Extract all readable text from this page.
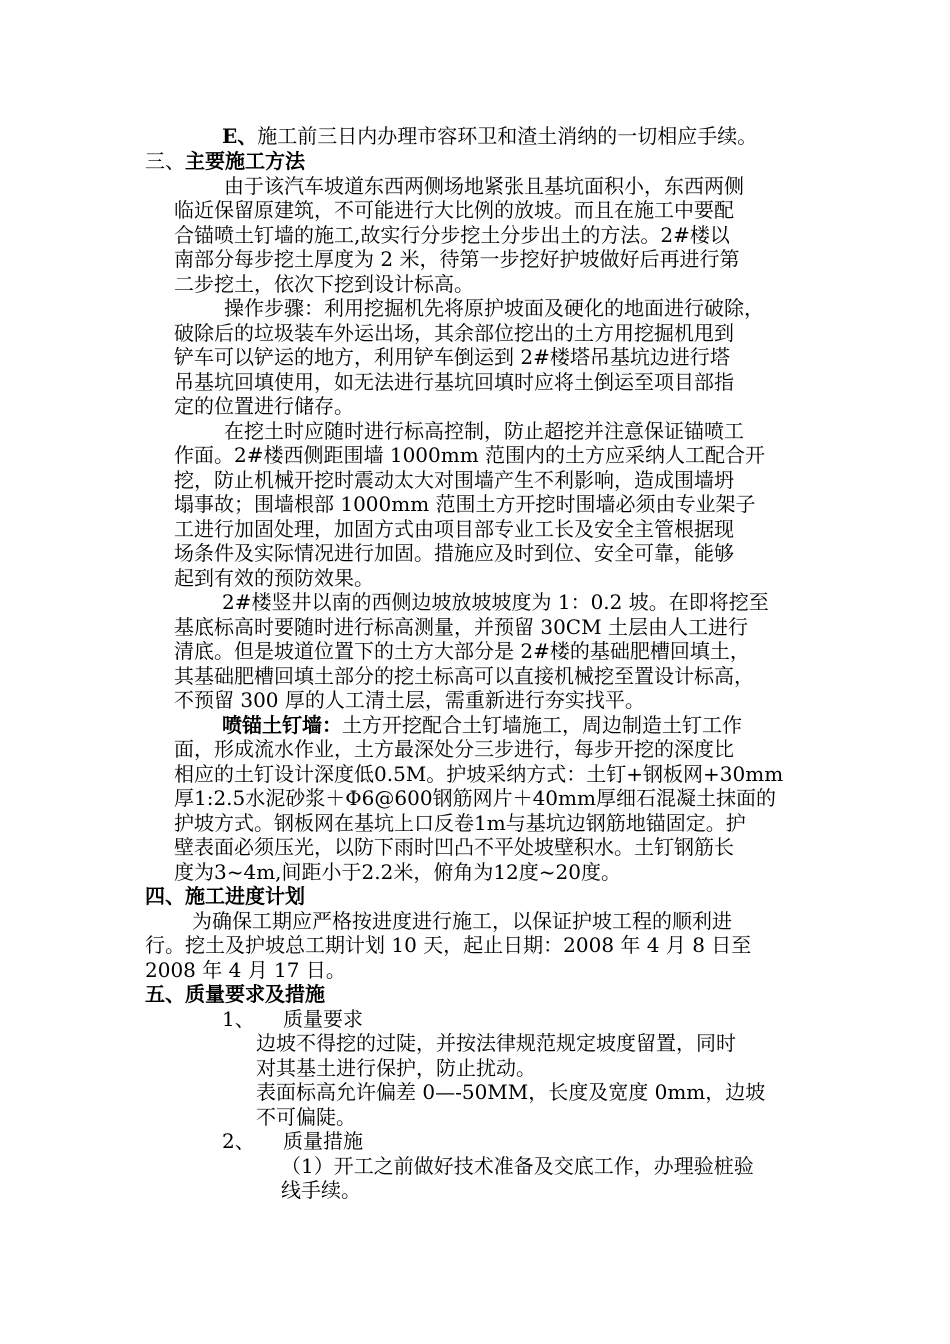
E、施工前三日内办理市容环卫和渣土消纳的一切相应手续。
三、主要施工方法
由于该汽车坡道东西两侧场地紧张且基坑面积小，东西两侧
临近保留原建筑，不可能进行大比例的放坡。而且在施工中要配
合锚喷土钉墙的施工,故实行分步挖土分步出土的方法。2#楼以
南部分每步挖土厚度为 2 米，待第一步挖好护坡做好后再进行第
二步挖土，依次下挖到设计标高。
操作步骤：利用挖掘机先将原护坡面及硬化的地面进行破除，
破除后的垃圾装车外运出场，其余部位挖出的土方用挖掘机甩到
铲车可以铲运的地方，利用铲车倒运到 2#楼塔吊基坑边进行塔
吊基坑回填使用，如无法进行基坑回填时应将土倒运至项目部指
定的位置进行储存。
在挖土时应随时进行标高控制，防止超挖并注意保证锚喷工
作面。2#楼西侧距围墙 1000mm 范围内的土方应采纳人工配合开
挖，防止机械开挖时震动太大对围墙产生不利影响，造成围墙坍
塌事故；围墙根部 1000mm 范围土方开挖时围墙必须由专业架子
工进行加固处理，加固方式由项目部专业工长及安全主管根据现
场条件及实际情况进行加固。措施应及时到位、安全可靠，能够
起到有效的预防效果。
2#楼竖井以南的西侧边坡放坡坡度为 1：0.2 坡。在即将挖至
基底标高时要随时进行标高测量，并预留 30CM 土层由人工进行
清底。但是坡道位置下的土方大部分是 2#楼的基础肥槽回填土，
其基础肥槽回填土部分的挖土标高可以直接机械挖至置设计标高，
不预留 300 厚的人工清土层，需重新进行夯实找平。
喷锚土钉墙：土方开挖配合土钉墙施工，周边制造土钉工作
面，形成流水作业，土方最深处分三步进行，每步开挖的深度比
相应的土钉设计深度低0.5M。护坡采纳方式：土钉+钢板网+30mm
厚1:2.5水泥砂浆＋Φ6@600钢筋网片＋40mm厚细石混凝土抹面的
护坡方式。钢板网在基坑上口反卷1m与基坑边钢筋地锚固定。护
壁表面必须压光，以防下雨时凹凸不平处坡壁积水。土钉钢筋长
度为3~4m,间距小于2.2米，俯角为12度~20度。
四、施工进度计划
为确保工期应严格按进度进行施工，以保证护坡工程的顺利进
行。挖土及护坡总工期计划 10 天，起止日期：2008 年 4 月 8 日至
2008 年 4 月 17 日。
五、质量要求及措施
1、 质量要求
边坡不得挖的过陡，并按法律规范规定坡度留置，同时
对其基土进行保护，防止扰动。
表面标高允许偏差 0—-50MM，长度及宽度 0mm，边坡
不可偏陡。
2、 质量措施
（1）开工之前做好技术准备及交底工作，办理验桩验
线手续。
